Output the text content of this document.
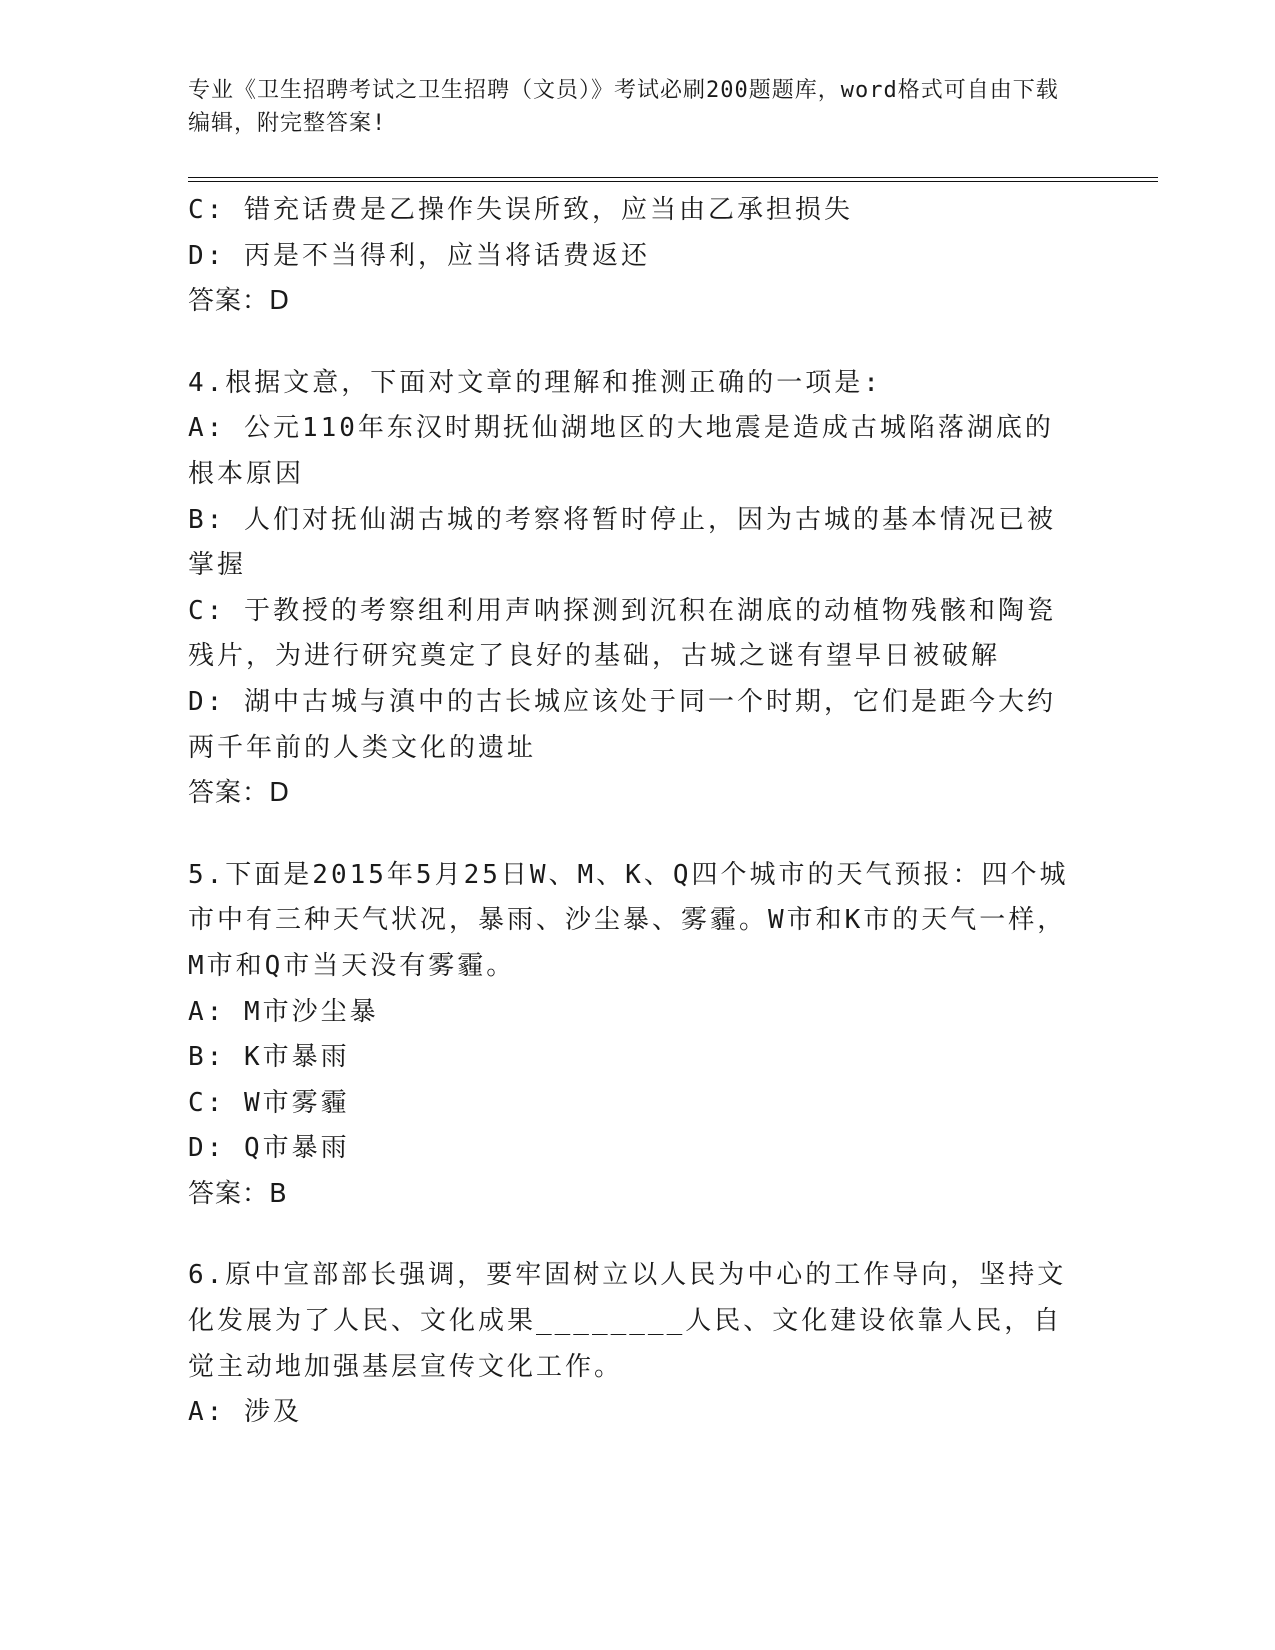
专业《卫生招聘考试之卫生招聘（文员）》考试必刷200题题库，word格式可自由下载编辑，附完整答案!

C: 错充话费是乙操作失误所致，应当由乙承担损失

D: 丙是不当得利，应当将话费返还

答案：D

4.根据文意，下面对文章的理解和推测正确的一项是:

A: 公元110年东汉时期抚仙湖地区的大地震是造成古城陷落湖底的根本原因

B: 人们对抚仙湖古城的考察将暂时停止，因为古城的基本情况已被掌握

C: 于教授的考察组利用声呐探测到沉积在湖底的动植物残骸和陶瓷残片，为进行研究奠定了良好的基础，古城之谜有望早日被破解

D: 湖中古城与滇中的古长城应该处于同一个时期，它们是距今大约两千年前的人类文化的遗址

答案：D

5.下面是2015年5月25日W、M、K、Q四个城市的天气预报：四个城市中有三种天气状况，暴雨、沙尘暴、雾霾。W市和K市的天气一样，M市和Q市当天没有雾霾。

A: M市沙尘暴

B: K市暴雨

C: W市雾霾

D: Q市暴雨

答案：B

6.原中宣部部长强调，要牢固树立以人民为中心的工作导向，坚持文化发展为了人民、文化成果________人民、文化建设依靠人民，自觉主动地加强基层宣传文化工作。

A: 涉及
